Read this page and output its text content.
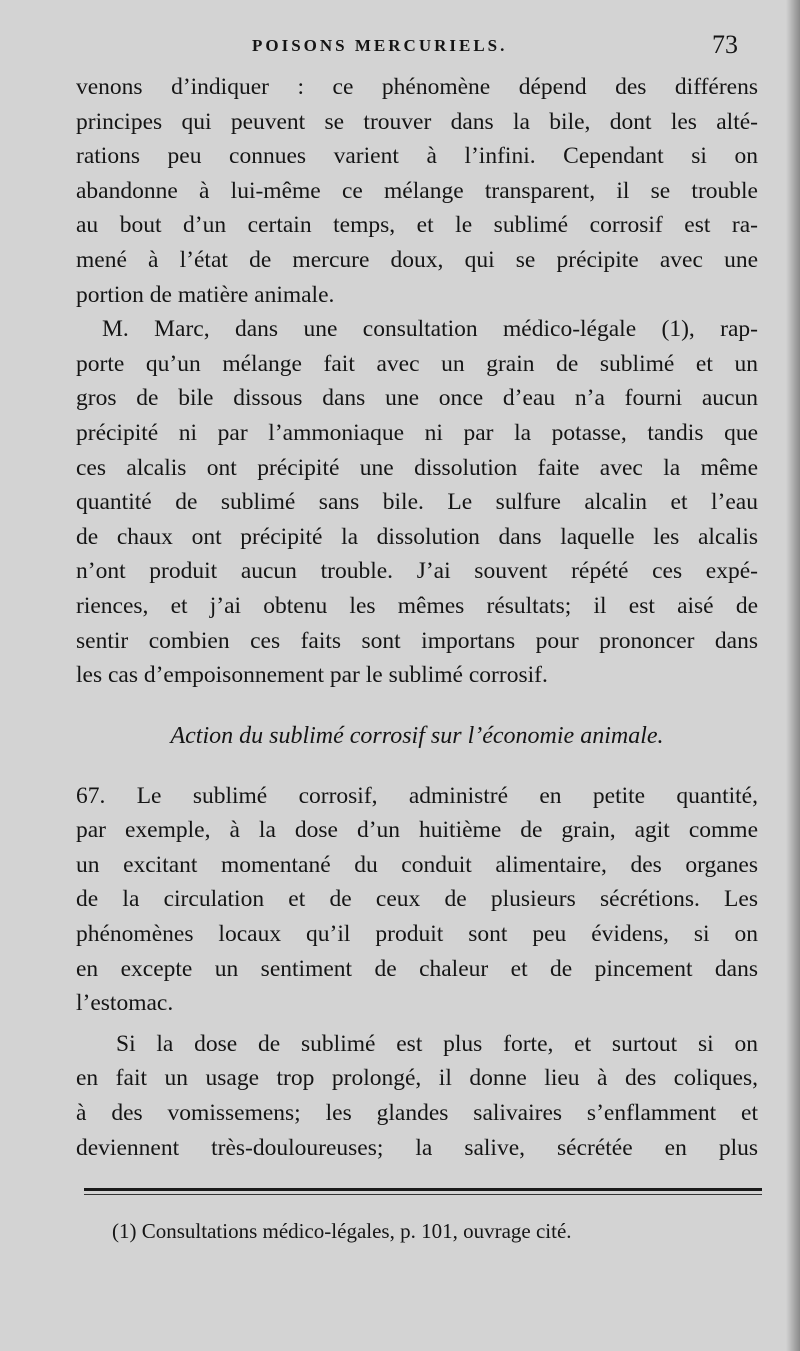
POISONS MERCURIELS.	73
venons d’indiquer : ce phénomène dépend des différens
principes qui peuvent se trouver dans la bile, dont les alté-
rations peu connues varient à l’infini. Cependant si on
abandonne à lui-même ce mélange transparent, il se trouble
au bout d’un certain temps, et le sublimé corrosif est ra-
mené à l’état de mercure doux, qui se précipite avec une
portion de matière animale.
M. Marc, dans une consultation médico-légale (1), rap-
porte qu’un mélange fait avec un grain de sublimé et un
gros de bile dissous dans une once d’eau n’a fourni aucun
précipité ni par l’ammoniaque ni par la potasse, tandis que
ces alcalis ont précipité une dissolution faite avec la même
quantité de sublimé sans bile. Le sulfure alcalin et l’eau
de chaux ont précipité la dissolution dans laquelle les alcalis
n’ont produit aucun trouble. J’ai souvent répété ces expé-
riences, et j’ai obtenu les mêmes résultats; il est aisé de
sentir combien ces faits sont importans pour prononcer dans
les cas d’empoisonnement par le sublimé corrosif.
Action du sublimé corrosif sur l’économie animale.
67. Le sublimé corrosif, administré en petite quantité,
par exemple, à la dose d’un huitième de grain, agit comme
un excitant momentané du conduit alimentaire, des organes
de la circulation et de ceux de plusieurs sécrétions. Les
phénomènes locaux qu’il produit sont peu évidens, si on
en excepte un sentiment de chaleur et de pincement dans
l’estomac.
Si la dose de sublimé est plus forte, et surtout si on
en fait un usage trop prolongé, il donne lieu à des coliques,
à des vomissemens; les glandes salivaires s’enflamment et
deviennent très-douloureuses; la salive, sécrétée en plus
(1) Consultations médico-légales, p. 101, ouvrage cité.
